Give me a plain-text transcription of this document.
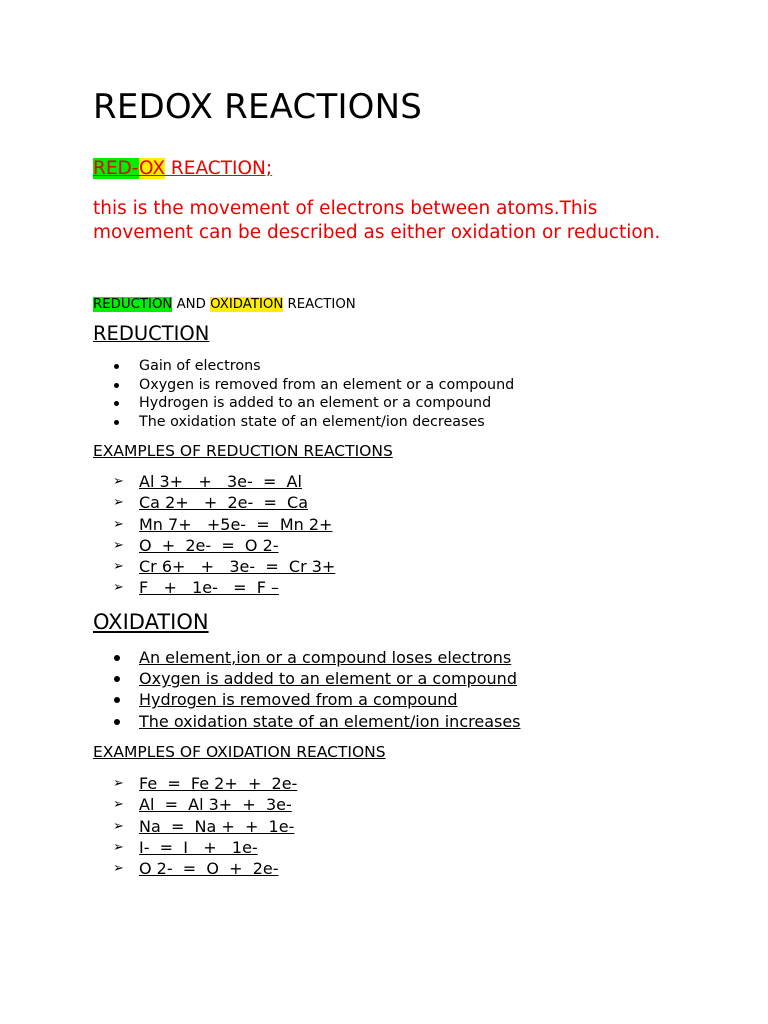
REDOX REACTIONS

RED-OX REACTION;

this is the movement of electrons between atoms.This movement can be described as either oxidation or reduction.

REDUCTION AND OXIDATION REACTION

REDUCTION
Gain of electrons
Oxygen is removed from an element or a compound
Hydrogen is added to an element or a compound
The oxidation state of an element/ion decreases

EXAMPLES OF REDUCTION REACTIONS

➢ Al 3+   +   3e-  =  Al
➢ Ca 2+   +  2e-  =  Ca
➢ Mn 7+   +5e-  =  Mn 2+
➢ O  +  2e-  =  O 2-
➢ Cr 6+   +   3e-  =  Cr 3+
➢ F   +   1e-   =  F –
OXIDATION
An element,ion or a compound loses electrons
Oxygen is added to an element or a compound
Hydrogen is removed from a compound
The oxidation state of an element/ion increases

EXAMPLES OF OXIDATION REACTIONS

➢ Fe  =  Fe 2+  +  2e-
➢ Al  =  Al 3+  +  3e-
➢ Na  =  Na +  +  1e-
➢ I-  =  I   +   1e-
➢ O 2-  =  O  +  2e-
